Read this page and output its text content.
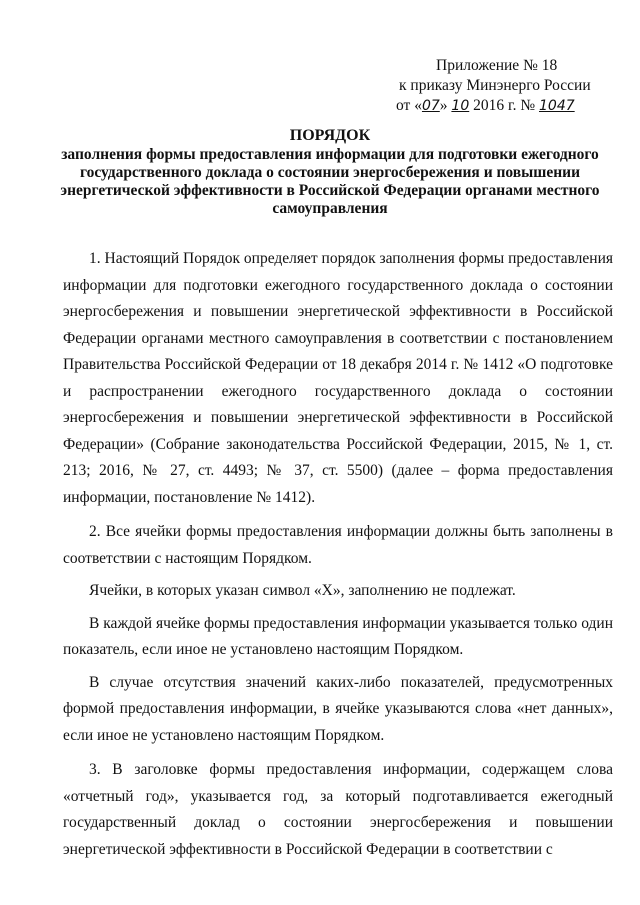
Приложение № 18
к приказу Минэнерго России
от «07» 10 2016 г. № 1047
ПОРЯДОК
заполнения формы предоставления информации для подготовки ежегодного государственного доклада о состоянии энергосбережения и повышении энергетической эффективности в Российской Федерации органами местного самоуправления

1. Настоящий Порядок определяет порядок заполнения формы предоставления информации для подготовки ежегодного государственного доклада о состоянии энергосбережения и повышении энергетической эффективности в Российской Федерации органами местного самоуправления в соответствии с постановлением Правительства Российской Федерации от 18 декабря 2014 г. № 1412 «О подготовке и распространении ежегодного государственного доклада о состоянии энергосбережения и повышении энергетической эффективности в Российской Федерации» (Собрание законодательства Российской Федерации, 2015, № 1, ст. 213; 2016, № 27, ст. 4493; № 37, ст. 5500) (далее – форма предоставления информации, постановление № 1412).

2. Все ячейки формы предоставления информации должны быть заполнены в соответствии с настоящим Порядком.

Ячейки, в которых указан символ «Х», заполнению не подлежат.

В каждой ячейке формы предоставления информации указывается только один показатель, если иное не установлено настоящим Порядком.

В случае отсутствия значений каких-либо показателей, предусмотренных формой предоставления информации, в ячейке указываются слова «нет данных», если иное не установлено настоящим Порядком.

3. В заголовке формы предоставления информации, содержащем слова «отчетный год», указывается год, за который подготавливается ежегодный государственный доклад о состоянии энергосбережения и повышении энергетической эффективности в Российской Федерации в соответствии с
